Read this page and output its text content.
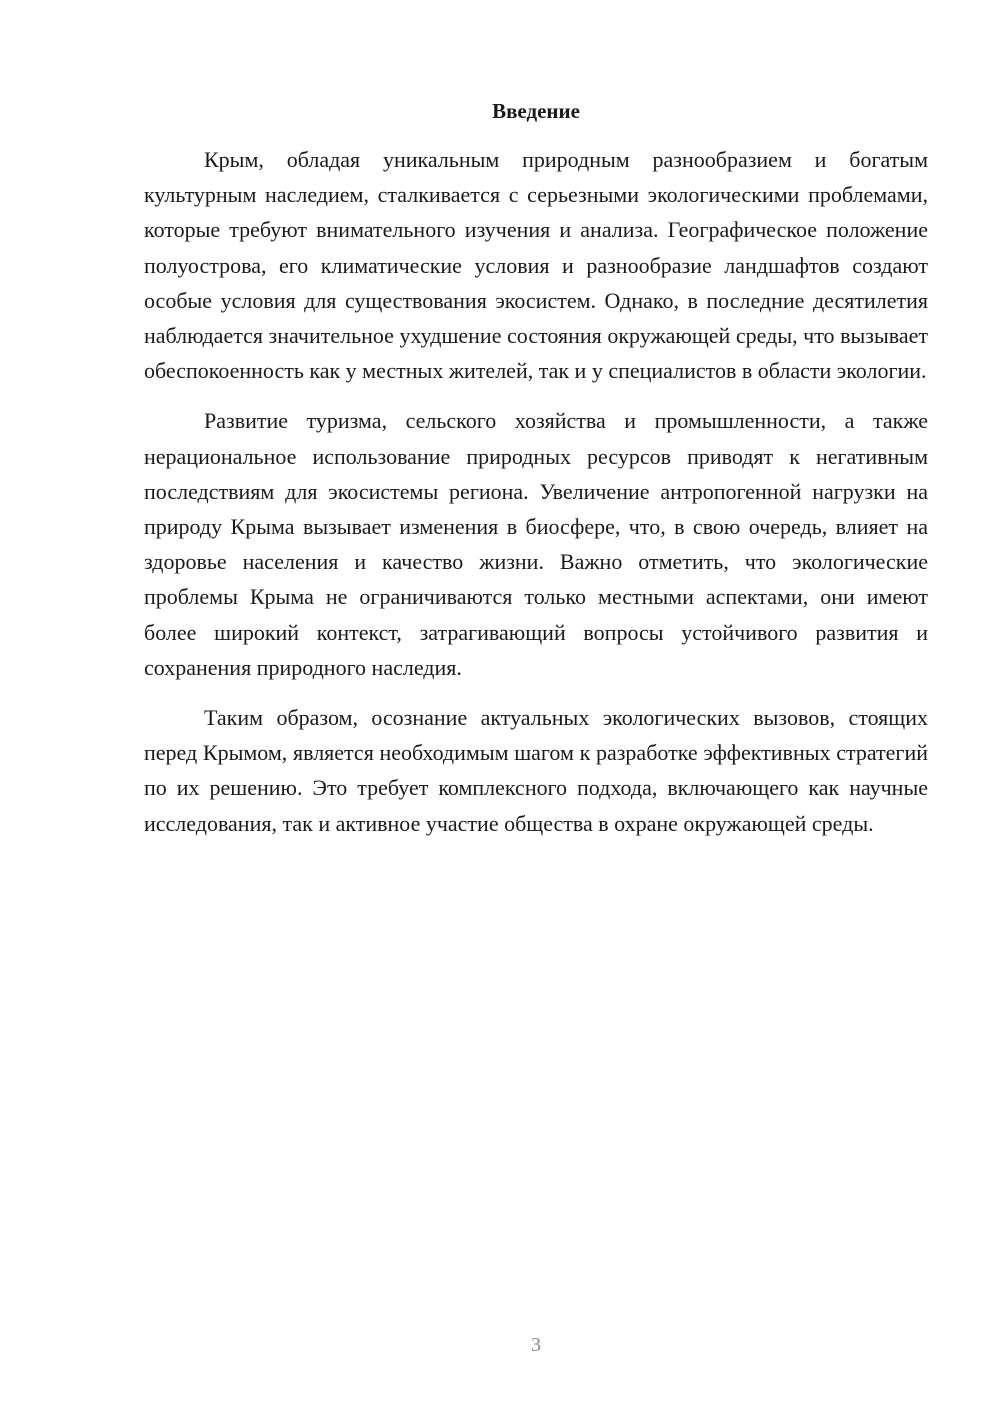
Введение

Крым, обладая уникальным природным разнообразием и богатым культурным наследием, сталкивается с серьезными экологическими проблемами, которые требуют внимательного изучения и анализа. Географическое положение полуострова, его климатические условия и разнообразие ландшафтов создают особые условия для существования экосистем. Однако, в последние десятилетия наблюдается значительное ухудшение состояния окружающей среды, что вызывает обеспокоенность как у местных жителей, так и у специалистов в области экологии.

Развитие туризма, сельского хозяйства и промышленности, а также нерациональное использование природных ресурсов приводят к негативным последствиям для экосистемы региона. Увеличение антропогенной нагрузки на природу Крыма вызывает изменения в биосфере, что, в свою очередь, влияет на здоровье населения и качество жизни. Важно отметить, что экологические проблемы Крыма не ограничиваются только местными аспектами, они имеют более широкий контекст, затрагивающий вопросы устойчивого развития и сохранения природного наследия.

Таким образом, осознание актуальных экологических вызовов, стоящих перед Крымом, является необходимым шагом к разработке эффективных стратегий по их решению. Это требует комплексного подхода, включающего как научные исследования, так и активное участие общества в охране окружающей среды.

3
